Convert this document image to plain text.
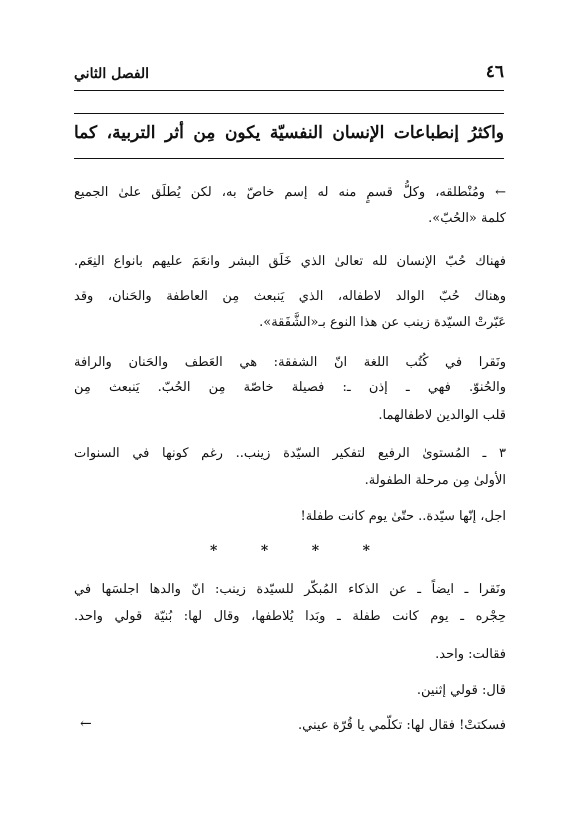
٤٦
الفصل الثاني
واكثرُ إنطباعات الإنسان النفسيّة يكون مِن أثر التربية، كما
← ومُنْطلقه، وكلُّ قسمٍ منه له إسم خاصّ به، لكن يُطلَق علىٰ الجميع
كلمة «الحُبّ».
فهناك حُبّ الإنسان لله تعالىٰ الذي خَلَق البشر وانعَمَ عليهم بانواع النِعَم.
وهناك حُبّ الوالد لاطفاله، الذي يَنبعث مِن العاطفة والحَنان، وقد
عَبّرتْ السيّدة زينب عن هذا النوع بـ«الشَّفَقة».
ونَقرا في كُتُب اللغة انّ الشفقة: هي العَطف والحَنان والرافة
والحُنوّ. فهي ـ إذن ـ: فصيلة خاصّة مِن الحُبّ. يَنبعث مِن
قلب الوالدين لاطفالهما.
٣ ـ المُستوىٰ الرفيع لتفكير السيّدة زينب.. رغم كونها في السنوات
الأولىٰ مِن مرحلة الطفولة.
اجل، إنّها سيّدة.. حتّىٰ يوم كانت طفلة!
*	*	*	*
ونَقرا ـ ايضاً ـ عن الذكاء المُبكّر للسيّدة زينب: انّ والدها اجلسَها في
حِجْره ـ يوم كانت طفلة ـ وبَدا يُلاطفها، وقال لها: بُنيّة قولي واحد.
فقالت: واحد.
قال: قولي إثنين.
فسكتتْ! فقال لها: تكلّمي يا قُرّة عيني.
←
